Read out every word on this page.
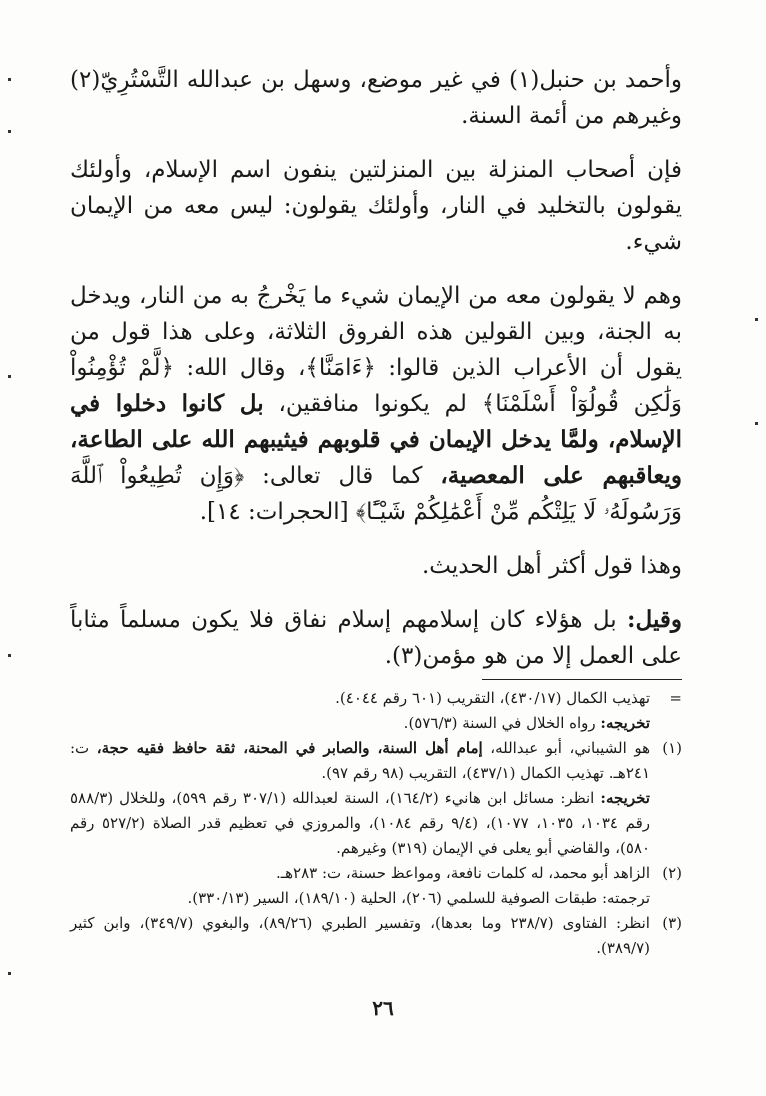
وأحمد بن حنبل(١) في غير موضع، وسهل بن عبدالله التَّسْتُرِيّ(٢) وغيرهم من أئمة السنة.

فإن أصحاب المنزلة بين المنزلتين ينفون اسم الإسلام، وأولئك يقولون بالتخليد في النار، وأولئك يقولون: ليس معه من الإيمان شيء.

وهم لا يقولون معه من الإيمان شيء ما يَخْرجُ به من النار، ويدخل به الجنة، وبين القولين هذه الفروق الثلاثة، وعلى هذا قول من يقول أن الأعراب الذين قالوا: ﴿ءَامَنَّا﴾، وقال الله: ﴿لَّمْ تُؤْمِنُواْ وَلَٰكِن قُولُوٓاْ أَسْلَمْنَا﴾ لم يكونوا منافقين، بل كانوا دخلوا في الإسلام، ولمَّا يدخل الإيمان في قلوبهم فيثيبهم الله على الطاعة، ويعاقبهم على المعصية، كما قال تعالى: ﴿وَإِن تُطِيعُواْ ٱللَّهَ وَرَسُولَهُۥ لَا يَلِتْكُم مِّنْ أَعْمَٰلِكُمْ شَيْـًٔا﴾ [الحجرات: ١٤].

وهذا قول أكثر أهل الحديث.

وقيل: بل هؤلاء كان إسلامهم إسلام نفاق فلا يكون مسلماً مثاباً على العمل إلا من هو مؤمن(٣).

=
تهذيب الكمال (٤٣٠/١٧)، التقريب (٦٠١ رقم ٤٠٤٤).
تخريجه: رواه الخلال في السنة (٥٧٦/٣).
(١)
هو الشيباني، أبو عبدالله، إمام أهل السنة، والصابر في المحنة، ثقة حافظ فقيه حجة، ت: ٢٤١هـ. تهذيب الكمال (٤٣٧/١)، التقريب (٩٨ رقم ٩٧).
تخريجه: انظر: مسائل ابن هانيء (١٦٤/٢)، السنة لعبدالله (٣٠٧/١ رقم ٥٩٩)، وللخلال (٥٨٨/٣ رقم ١٠٣٤، ١٠٣٥، ١٠٧٧)، (٩/٤ رقم ١٠٨٤)، والمروزي في تعظيم قدر الصلاة (٥٢٧/٢ رقم ٥٨٠)، والقاضي أبو يعلى في الإيمان (٣١٩) وغيرهم.
(٢)
الزاهد أبو محمد، له كلمات نافعة، ومواعظ حسنة، ت: ٢٨٣هـ.
ترجمته: طبقات الصوفية للسلمي (٢٠٦)، الحلية (١٨٩/١٠)، السير (٣٣٠/١٣).
(٣)
انظر: الفتاوى (٢٣٨/٧ وما بعدها)، وتفسير الطبري (٨٩/٢٦)، والبغوي (٣٤٩/٧)، وابن كثير (٣٨٩/٧).
٢٦
